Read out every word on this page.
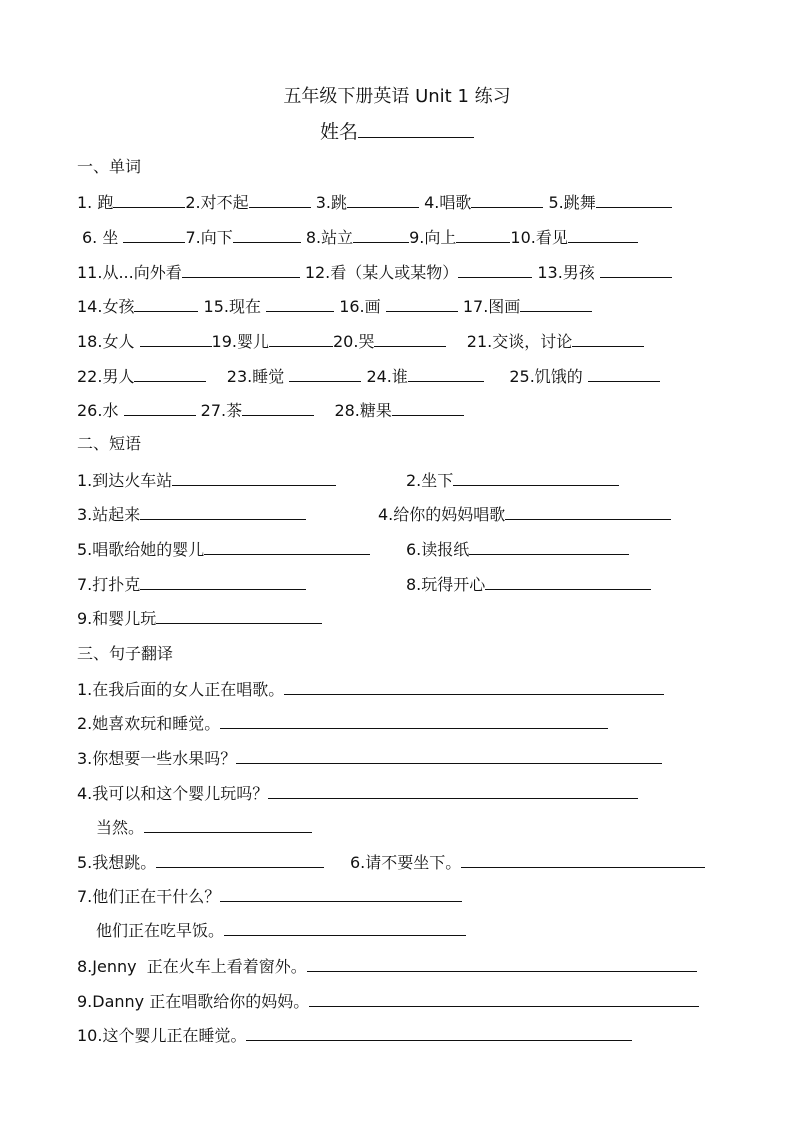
五年级下册英语 Unit 1 练习
姓名
一、单词
1. 跑	2.对不起	3.跳	4.唱歌	5.跳舞
6. 坐	7.向下	8.站立	9.向上	10.看见
11.从...向外看	12.看（某人或某物）	13.男孩
14.女孩	15.现在	16.画	17.图画
18.女人	19.婴儿	20.哭	21.交谈，讨论
22.男人	23.睡觉	24.谁	25.饥饿的
26.水	27.茶	28.糖果
二、短语
1.到达火车站	2.坐下
3.站起来	4.给你的妈妈唱歌
5.唱歌给她的婴儿	6.读报纸
7.打扑克	8.玩得开心
9.和婴儿玩
三、句子翻译
1.在我后面的女人正在唱歌。
2.她喜欢玩和睡觉。
3.你想要一些水果吗？
4.我可以和这个婴儿玩吗？
当然。
5.我想跳。	6.请不要坐下。
7.他们正在干什么？
他们正在吃早饭。
8.Jenny  正在火车上看着窗外。
9.Danny 正在唱歌给你的妈妈。
10.这个婴儿正在睡觉。
